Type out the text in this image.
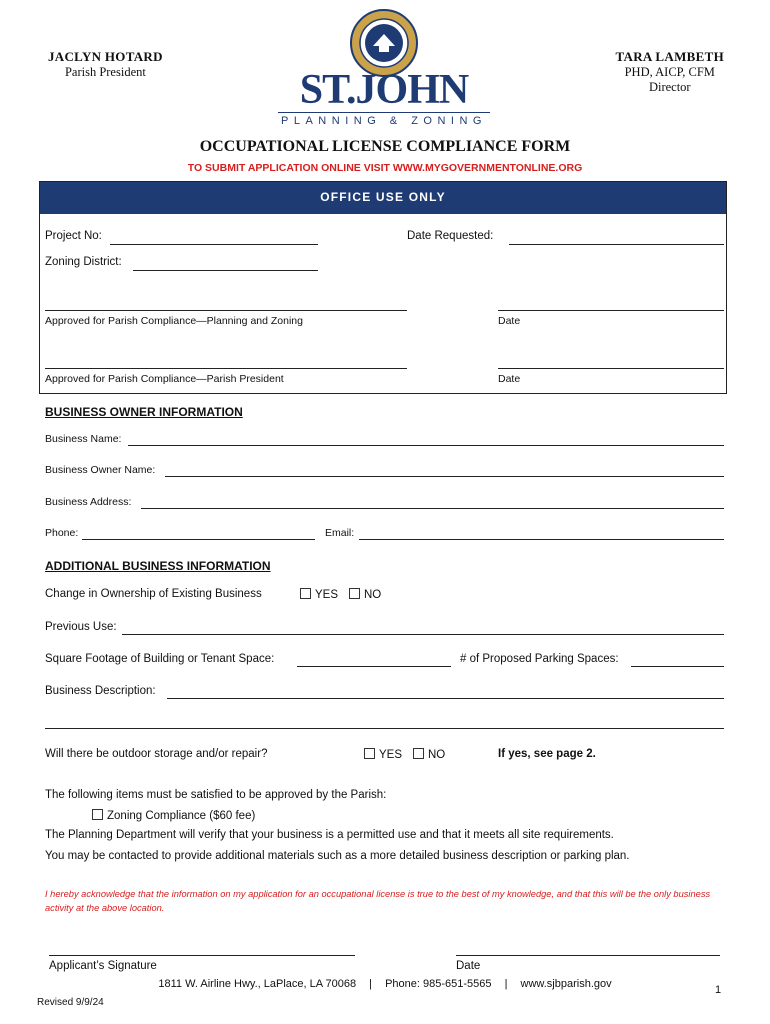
JACLYN HOTARD
Parish President
TARA LAMBETH
PHD, AICP, CFM
Director
ST.JOHN
PLANNING & ZONING
OCCUPATIONAL LICENSE COMPLIANCE FORM
TO SUBMIT APPLICATION ONLINE VISIT WWW.MYGOVERNMENTONLINE.ORG
OFFICE USE ONLY
Project No:	Date Requested:
Zoning District:
Approved for Parish Compliance—Planning and Zoning	Date
Approved for Parish Compliance—Parish President	Date
BUSINESS OWNER INFORMATION
Business Name:
Business Owner Name:
Business Address:
Phone:	Email:
ADDITIONAL BUSINESS INFORMATION
Change in Ownership of Existing Business	YES	NO
Previous Use:
Square Footage of Building or Tenant Space:	# of Proposed Parking Spaces:
Business Description:
Will there be outdoor storage and/or repair?	YES	NO	If yes, see page 2.
The following items must be satisfied to be approved by the Parish:
Zoning Compliance ($60 fee)
The Planning Department will verify that your business is a permitted use and that it meets all site requirements.
You may be contacted to provide additional materials such as a more detailed business description or parking plan.
I hereby acknowledge that the information on my application for an occupational license is true to the best of my knowledge, and that this will be the only business activity at the above location.
Applicant’s Signature	Date
1811 W. Airline Hwy., LaPlace, LA 70068 | Phone: 985-651-5565 | www.sjbparish.gov
Revised 9/9/24
1
